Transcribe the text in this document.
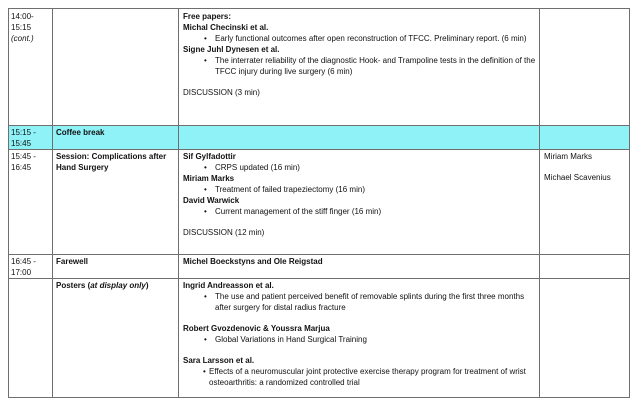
14:00-
15:15
(cont.)
Free papers:
Michal Checinski et al.
• Early functional outcomes after open reconstruction of TFCC. Preliminary report. (6 min)
Signe Juhl Dynesen et al.
• The interrater reliability of the diagnostic Hook- and Trampoline tests in the definition of the TFCC injury during live surgery (6 min)
DISCUSSION (3 min)
15:15 -
15:45
Coffee break
15:45 -
16:45
Session: Complications after Hand Surgery
Sif Gylfadottir
• CRPS updated (16 min)
Miriam Marks
• Treatment of failed trapeziectomy (16 min)
David Warwick
• Current management of the stiff finger (16 min)
DISCUSSION (12 min)
Miriam Marks
Michael Scavenius
16:45 -
17:00
Farewell	Michel Boeckstyns and Ole Reigstad
Posters (at display only)	Ingrid Andreasson et al.
• The use and patient perceived benefit of removable splints during the first three months after surgery for distal radius fracture
Robert Gvozdenovic & Youssra Marjua
• Global Variations in Hand Surgical Training
Sara Larsson et al.
• Effects of a neuromuscular joint protective exercise therapy program for treatment of wrist osteoarthritis: a randomized controlled trial
